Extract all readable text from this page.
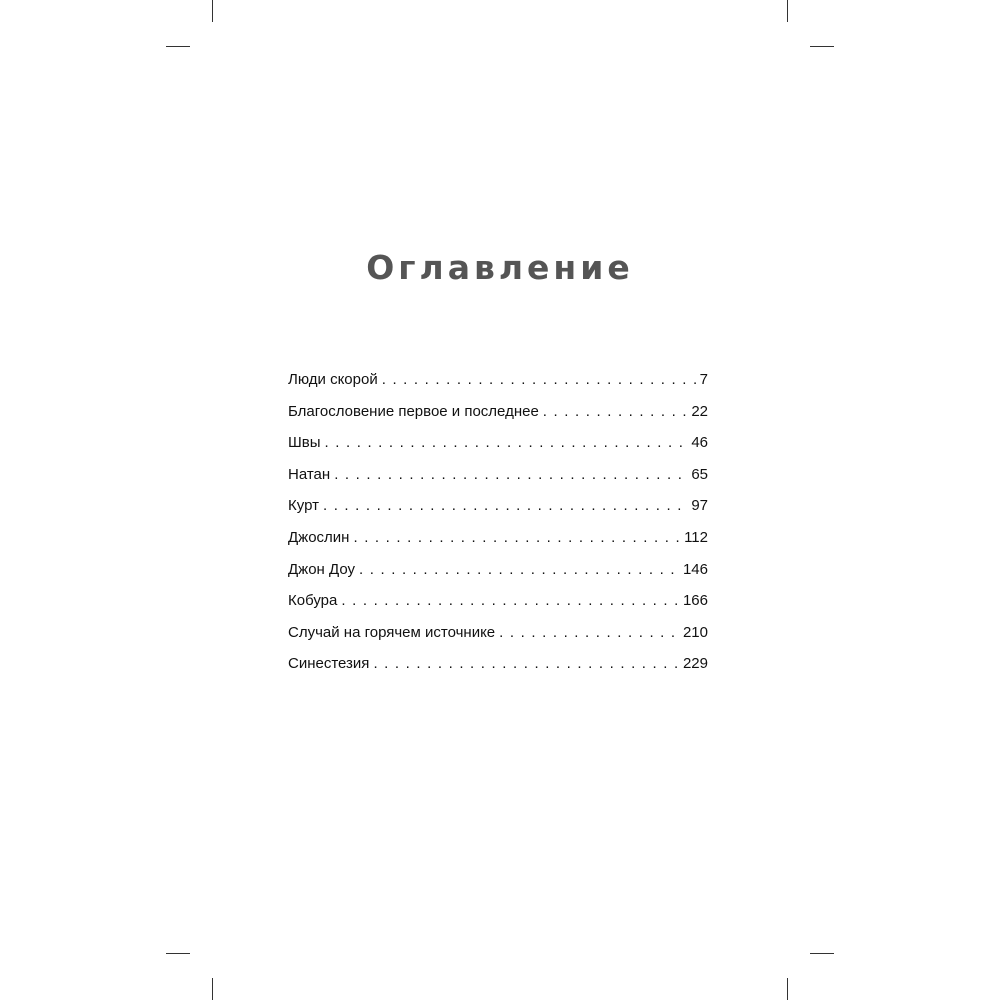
Оглавление
Люди скорой . . .	7
Благословение первое и последнее . . .	22
Швы . . .	46
Натан . . .	65
Курт . . .	97
Джослин . . .	112
Джон Доу . . .	146
Кобура . . .	166
Случай на горячем источнике . . .	210
Синестезия . . .	229
